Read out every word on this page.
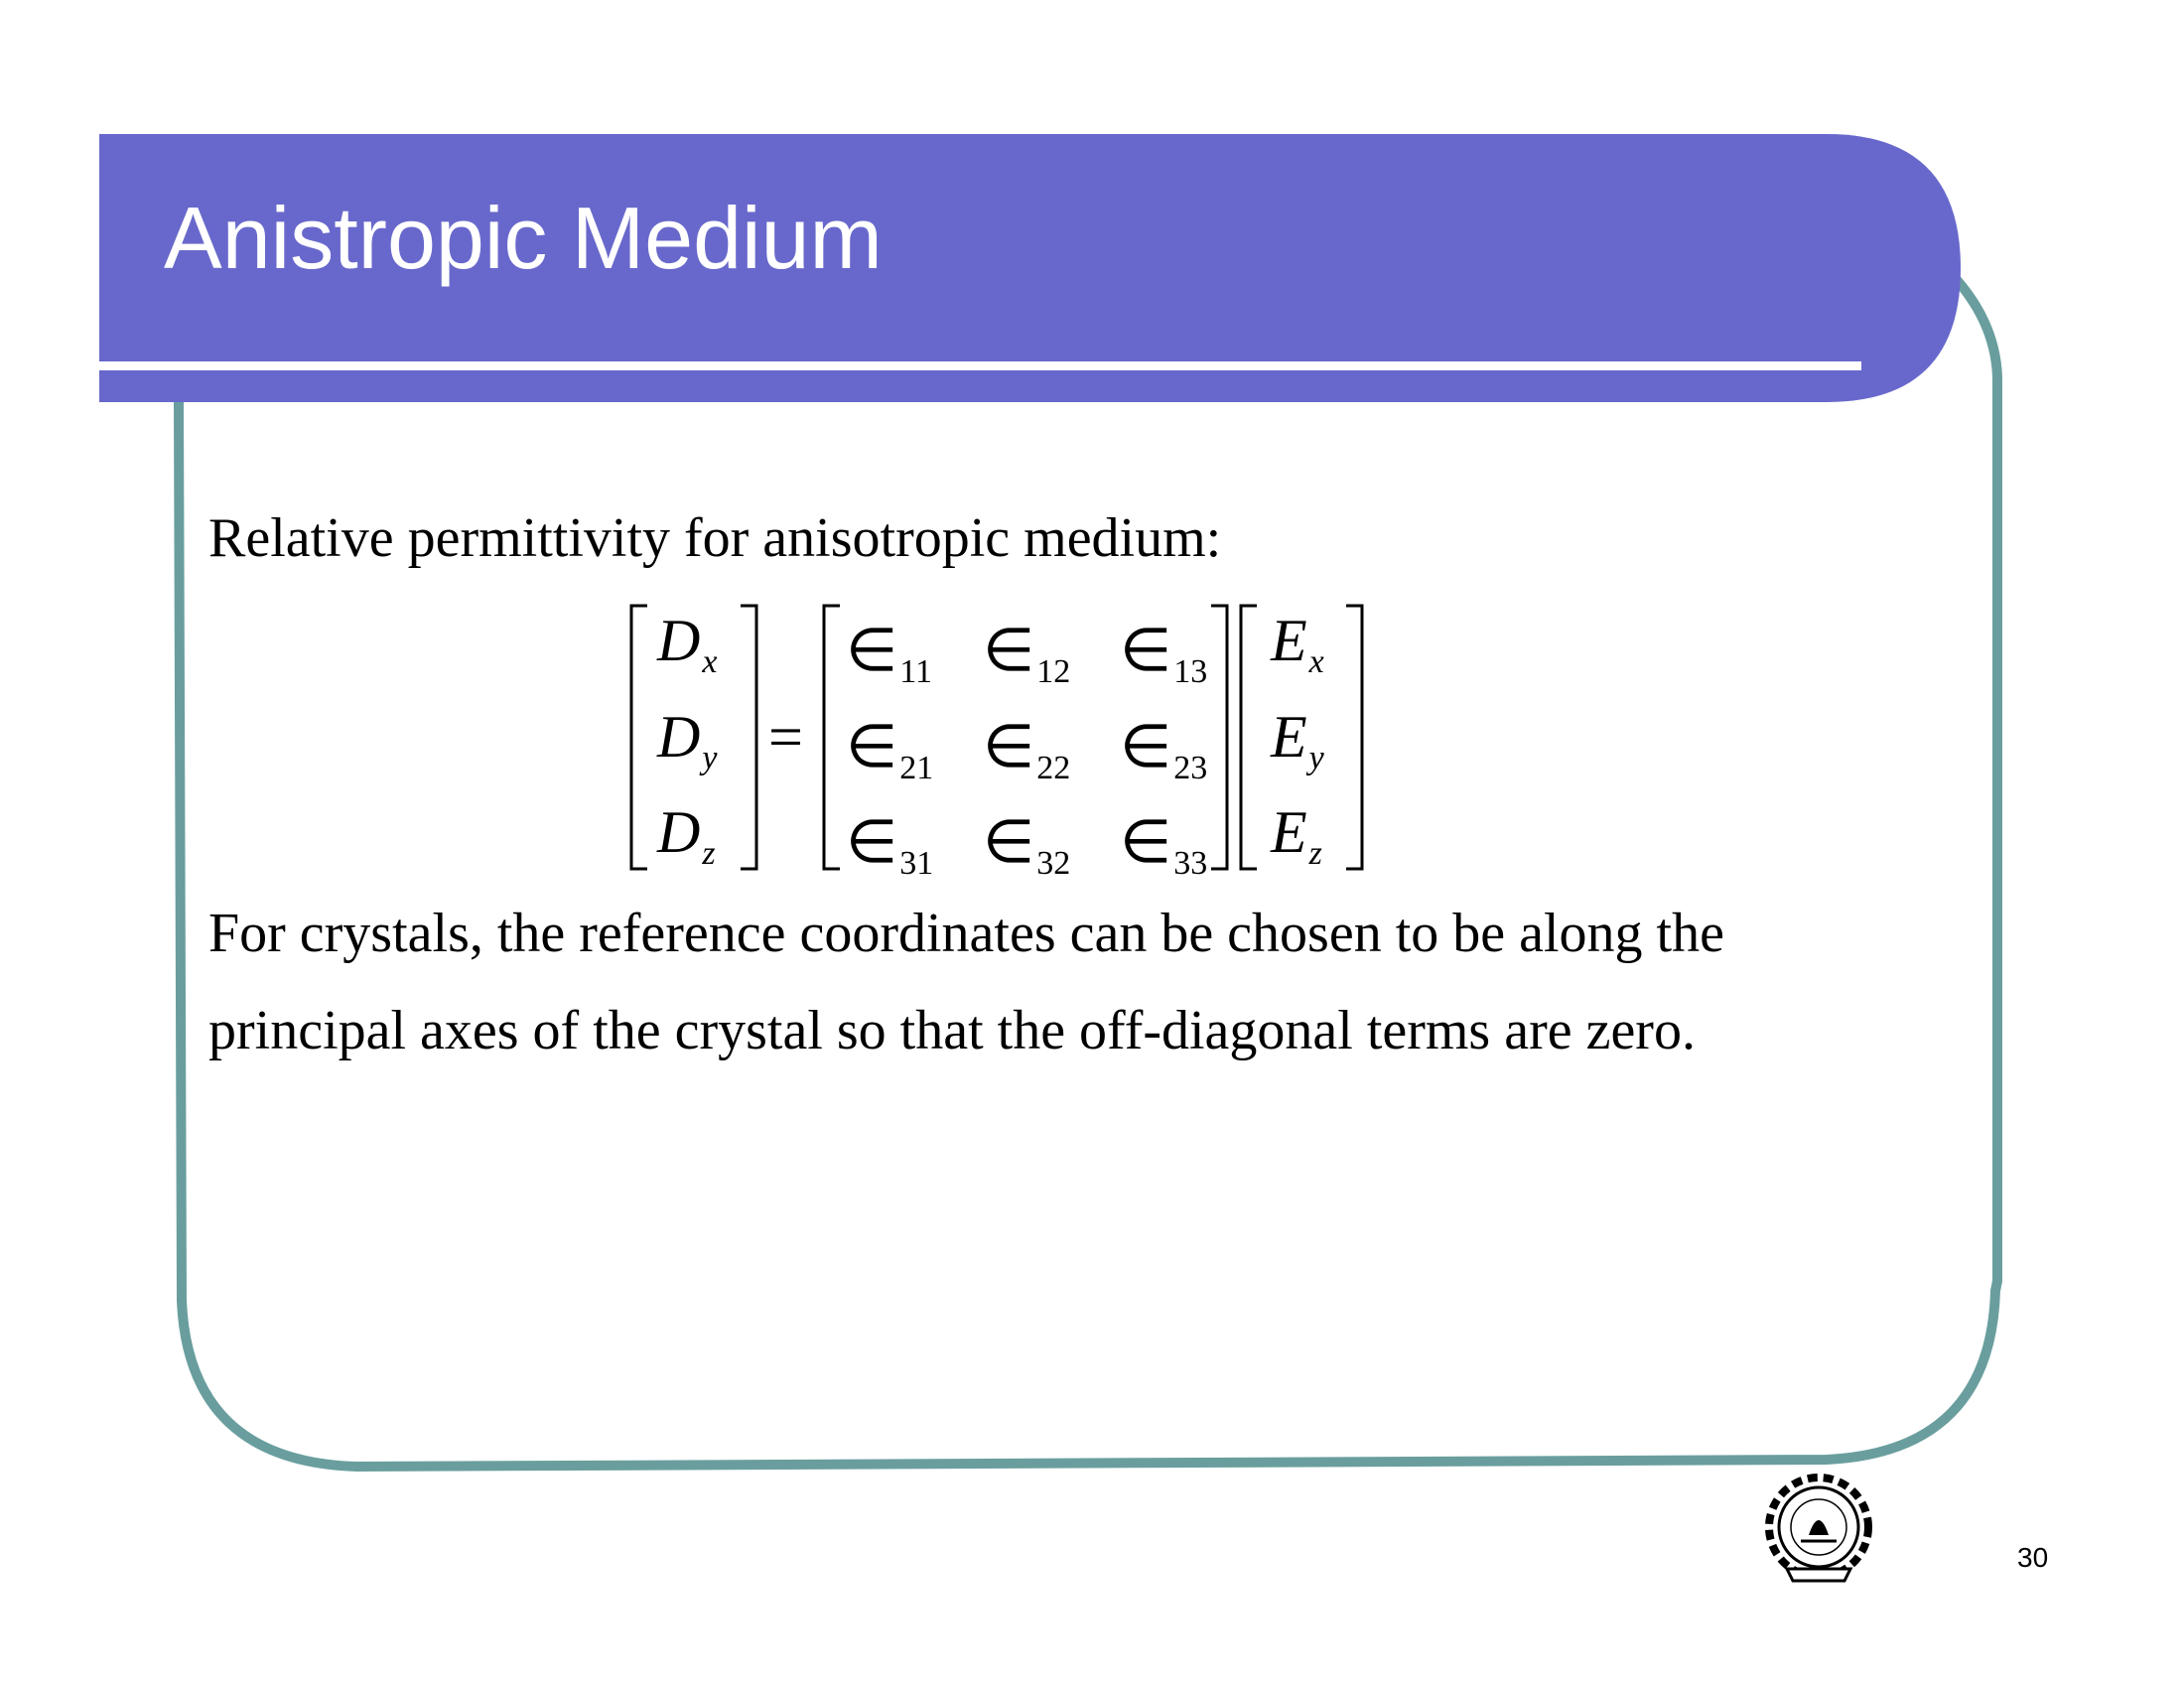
Anistropic Medium
Relative permittivity for anisotropic medium:
$D_x$
$D_y$
$D_z$
=
$\in_{11}$ $\in_{12}$ $\in_{13}$
$\in_{21}$ $\in_{22}$ $\in_{23}$
$\in_{31}$ $\in_{32}$ $\in_{33}$
$E_x$
$E_y$
$E_z$
For crystals, the reference coordinates can be chosen to be along the
principal axes of the crystal so that the off-diagonal terms are zero.
30
